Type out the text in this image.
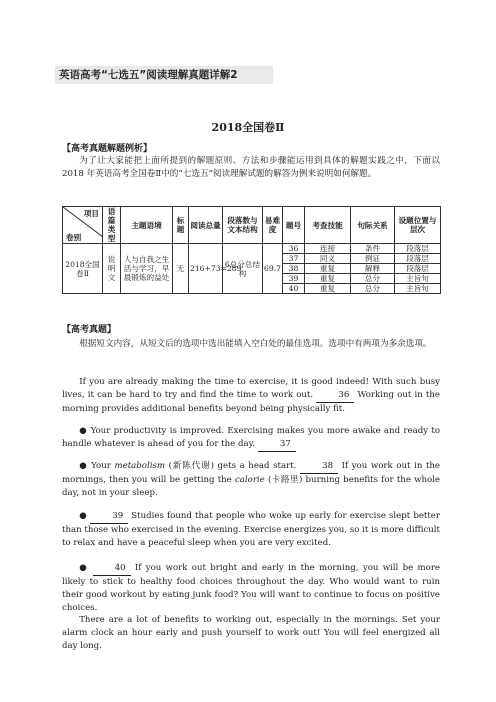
英语高考“七选五”阅读理解真题详解2
2018全国卷Ⅱ
【高考真题解题例析】
为了让大家能把上面所提到的解题原则、方法和步骤能运用到具体的解题实践之中，下面以 2018 年英语高考全国卷Ⅱ中的“七选五”阅读理解试题的解答为例来说明如何解题。
项目
卷别	语篇类型	主题语境	标题	阅读总量	段落数与文本结构	易难度	题号	考查技能	句际关系	设题位置与层次
2018全国卷Ⅱ	说明文	人与自我之生活与学习，早晨锻炼的益处	无	216+73=289	6总分总结构	69.7	36	连接	条件	段落层
							37	同义	例证	段落层
							38	重复	解释	段落层
							39	重复	总分	主旨句
							40	重复	总分	主旨句
【高考真题】
根据短文内容，从短文后的选项中选出能填入空白处的最佳选项。选项中有两项为多余选项。
If you are already making the time to exercise, it is good indeed! With such busy lives, it can be hard to try and find the time to work out.	36 Working out in the morning provides additional benefits beyond being physically fit.
● Your productivity is improved. Exercising makes you more awake and ready to handle whatever is ahead of you for the day.	37
● Your metabolism (新陈代谢) gets a head start.	38 If you work out in the mornings, then you will be getting the calorie (卡路里) burning benefits for the whole day, not in your sleep.
●	39 Studies found that people who woke up early for exercise slept better than those who exercised in the evening. Exercise energizes you, so it is more difficult to relax and have a peaceful sleep when you are very excited.
●	40 If you work out bright and early in the morning, you will be more likely to stick to healthy food choices throughout the day. Who would want to ruin their good workout by eating junk food? You will want to continue to focus on positive choices.
There are a lot of benefits to working out, especially in the mornings. Set your alarm clock an hour early and push yourself to work out! You will feel energized all day long.
